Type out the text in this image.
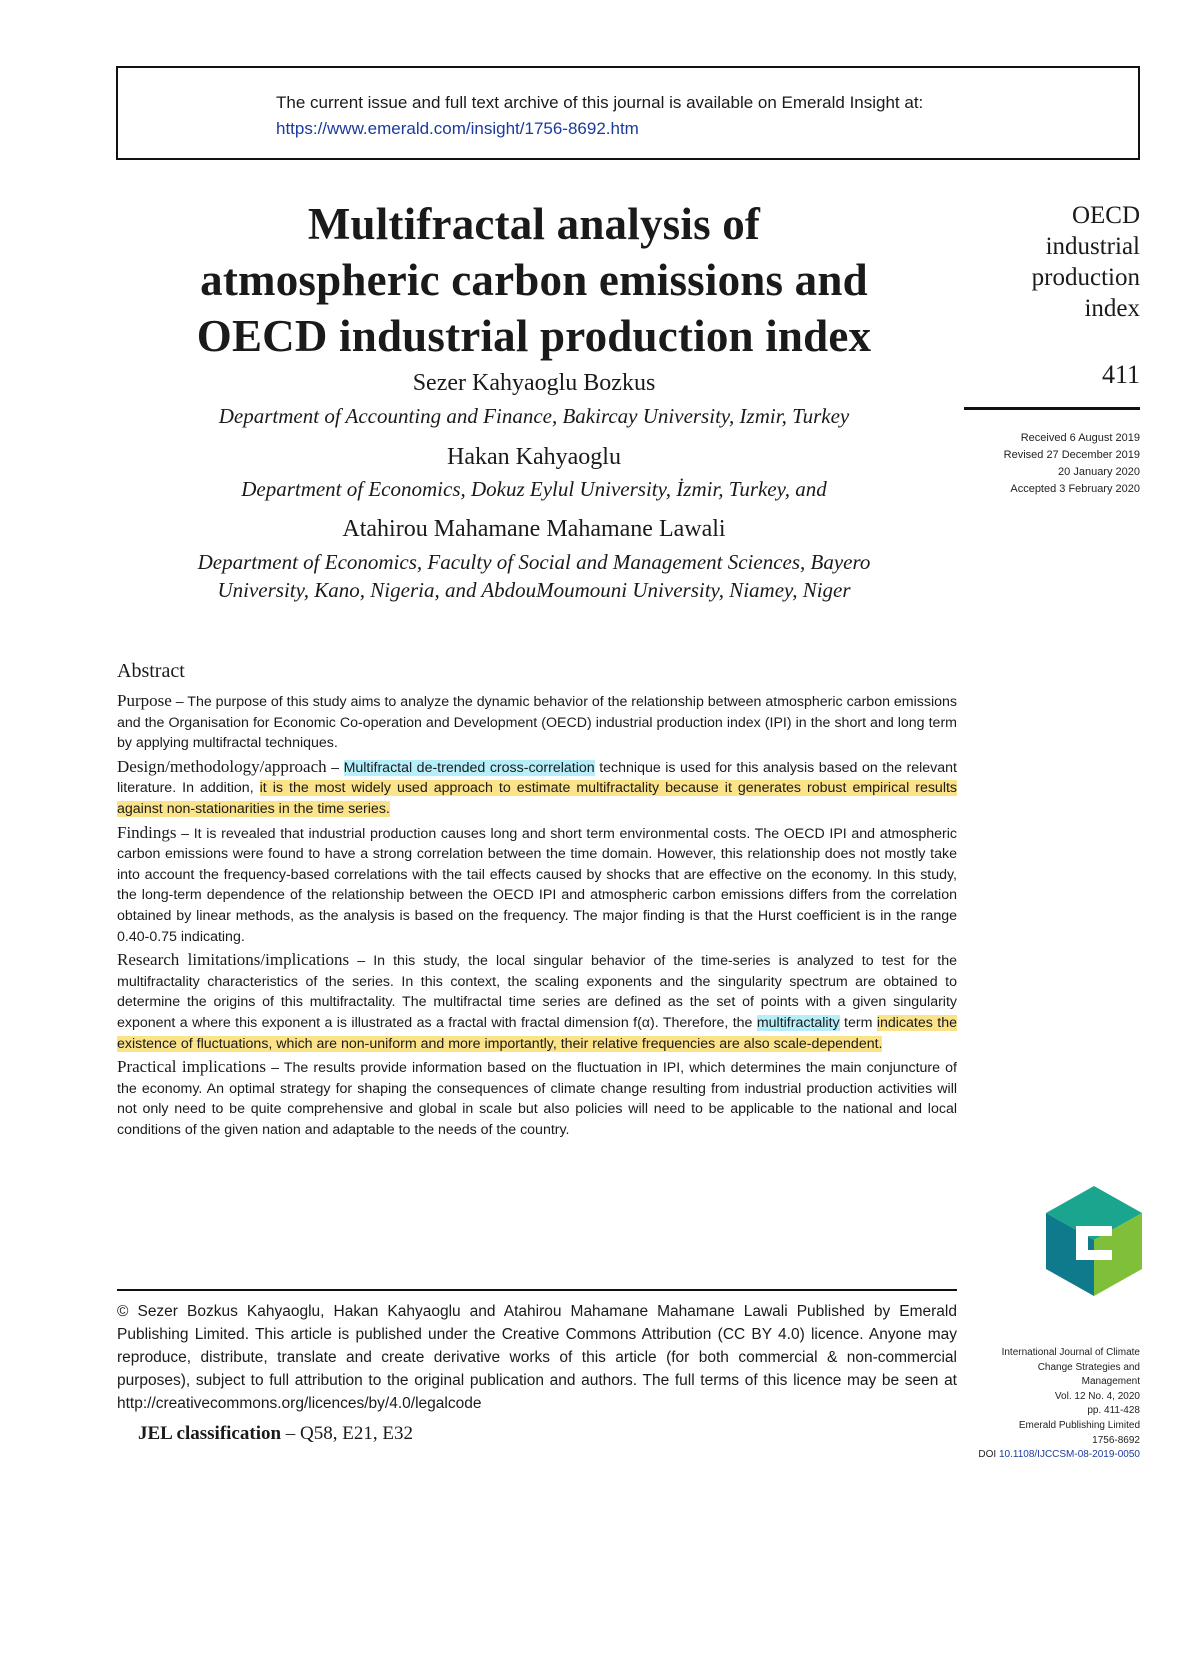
The current issue and full text archive of this journal is available on Emerald Insight at:
https://www.emerald.com/insight/1756-8692.htm
Multifractal analysis of
atmospheric carbon emissions and
OECD industrial production index
Sezer Kahyaoglu Bozkus
Department of Accounting and Finance, Bakircay University, Izmir, Turkey
Hakan Kahyaoglu
Department of Economics, Dokuz Eylul University, İzmir, Turkey, and
Atahirou Mahamane Mahamane Lawali
Department of Economics, Faculty of Social and Management Sciences, Bayero
University, Kano, Nigeria, and AbdouMoumouni University, Niamey, Niger
OECD
industrial
production
index
411
Received 6 August 2019
Revised 27 December 2019
20 January 2020
Accepted 3 February 2020
Abstract

Purpose – The purpose of this study aims to analyze the dynamic behavior of the relationship between atmospheric carbon emissions and the Organisation for Economic Co-operation and Development (OECD) industrial production index (IPI) in the short and long term by applying multifractal techniques.

Design/methodology/approach – Multifractal de-trended cross-correlation technique is used for this analysis based on the relevant literature. In addition, it is the most widely used approach to estimate multifractality because it generates robust empirical results against non-stationarities in the time series.

Findings – It is revealed that industrial production causes long and short term environmental costs. The OECD IPI and atmospheric carbon emissions were found to have a strong correlation between the time domain. However, this relationship does not mostly take into account the frequency-based correlations with the tail effects caused by shocks that are effective on the economy. In this study, the long-term dependence of the relationship between the OECD IPI and atmospheric carbon emissions differs from the correlation obtained by linear methods, as the analysis is based on the frequency. The major finding is that the Hurst coefficient is in the range 0.40-0.75 indicating.

Research limitations/implications – In this study, the local singular behavior of the time-series is analyzed to test for the multifractality characteristics of the series. In this context, the scaling exponents and the singularity spectrum are obtained to determine the origins of this multifractality. The multifractal time series are defined as the set of points with a given singularity exponent a where this exponent a is illustrated as a fractal with fractal dimension f(α). Therefore, the multifractality term indicates the existence of fluctuations, which are non-uniform and more importantly, their relative frequencies are also scale-dependent.

Practical implications – The results provide information based on the fluctuation in IPI, which determines the main conjuncture of the economy. An optimal strategy for shaping the consequences of climate change resulting from industrial production activities will not only need to be quite comprehensive and global in scale but also policies will need to be applicable to the national and local conditions of the given nation and adaptable to the needs of the country.

© Sezer Bozkus Kahyaoglu, Hakan Kahyaoglu and Atahirou Mahamane Mahamane Lawali Published by Emerald Publishing Limited. This article is published under the Creative Commons Attribution (CC BY 4.0) licence. Anyone may reproduce, distribute, translate and create derivative works of this article (for both commercial & non-commercial purposes), subject to full attribution to the original publication and authors. The full terms of this licence may be seen at http://creativecommons.org/licences/by/4.0/legalcode
JEL classification – Q58, E21, E32
International Journal of Climate
Change Strategies and
Management
Vol. 12 No. 4, 2020
pp. 411-428
Emerald Publishing Limited
1756-8692
DOI 10.1108/IJCCSM-08-2019-0050
